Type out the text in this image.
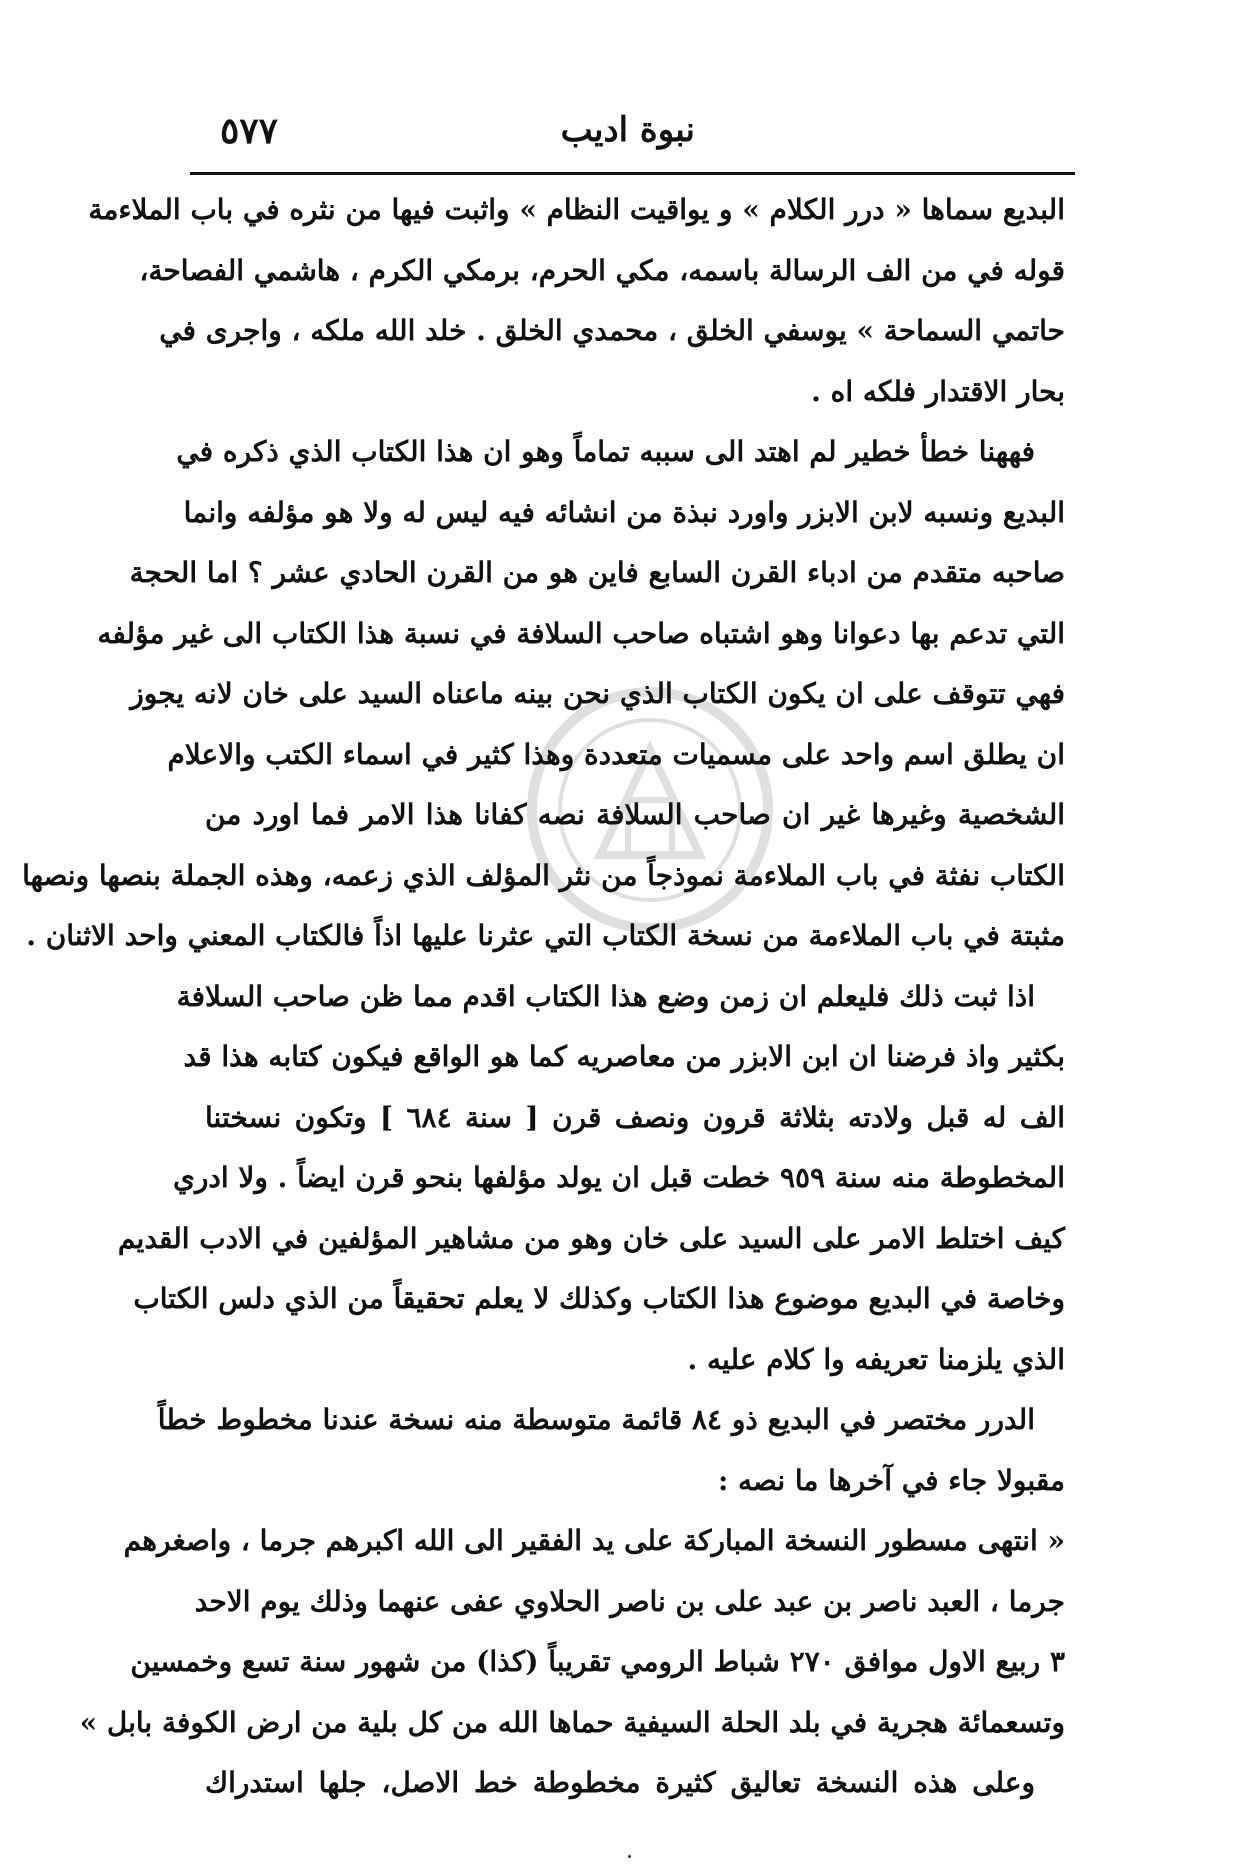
نبوة اديب
٥٧٧
البديع سماها « درر الكلام » و يواقيت النظام » واثبت فيها من نثره في باب الملاءمة
قوله في من الف الرسالة باسمه، مكي الحرم، برمكي الكرم ، هاشمي الفصاحة،
حاتمي السماحة » يوسفي الخلق ، محمدي الخلق . خلد الله ملكه ، واجرى في
بحار الاقتدار فلكه اه .
فههنا خطأ خطير لم اهتد الى سببه تماماً وهو ان هذا الكتاب الذي ذكره في
البديع ونسبه لابن الابزر واورد نبذة من انشائه فيه ليس له ولا هو مؤلفه وانما
صاحبه متقدم من ادباء القرن السابع فاين هو من القرن الحادي عشر ؟ اما الحجة
التي تدعم بها دعوانا وهو اشتباه صاحب السلافة في نسبة هذا الكتاب الى غير مؤلفه
فهي تتوقف على ان يكون الكتاب الذي نحن بينه ماعناه السيد على خان لانه يجوز
ان يطلق اسم واحد على مسميات متعددة وهذا كثير في اسماء الكتب والاعلام
الشخصية وغيرها غير ان صاحب السلافة نصه كفانا هذا الامر فما اورد من
الكتاب نفثة في باب الملاءمة نموذجاً من نثر المؤلف الذي زعمه، وهذه الجملة بنصها ونصها
مثبتة في باب الملاءمة من نسخة الكتاب التي عثرنا عليها اذاً فالكتاب المعني واحد الاثنان .
اذا ثبت ذلك فليعلم ان زمن وضع هذا الكتاب اقدم مما ظن صاحب السلافة
بكثير واذ فرضنا ان ابن الابزر من معاصريه كما هو الواقع فيكون كتابه هذا قد
الف له قبل ولادته بثلاثة قرون ونصف قرن [ سنة ٦٨٤ ] وتكون نسختنا
المخطوطة منه سنة ٩٥٩ خطت قبل ان يولد مؤلفها بنحو قرن ايضاً . ولا ادري
كيف اختلط الامر على السيد على خان وهو من مشاهير المؤلفين في الادب القديم
وخاصة في البديع موضوع هذا الكتاب وكذلك لا يعلم تحقيقاً من الذي دلس الكتاب
الذي يلزمنا تعريفه وا كلام عليه .
الدرر مختصر في البديع ذو ٨٤ قائمة متوسطة منه نسخة عندنا مخطوط خطاً
مقبولا جاء في آخرها ما نصه :
« انتهى مسطور النسخة المباركة على يد الفقير الى الله اكبرهم جرما ، واصغرهم
جرما ، العبد ناصر بن عبد على بن ناصر الحلاوي عفى عنهما وذلك يوم الاحد
٣ ربيع الاول موافق ٢٧٠ شباط الرومي تقريباً (كذا) من شهور سنة تسع وخمسين
وتسعمائة هجرية في بلد الحلة السيفية حماها الله من كل بلية من ارض الكوفة بابل »
وعلى هذه النسخة تعاليق كثيرة مخطوطة خط الاصل، جلها استدراك
